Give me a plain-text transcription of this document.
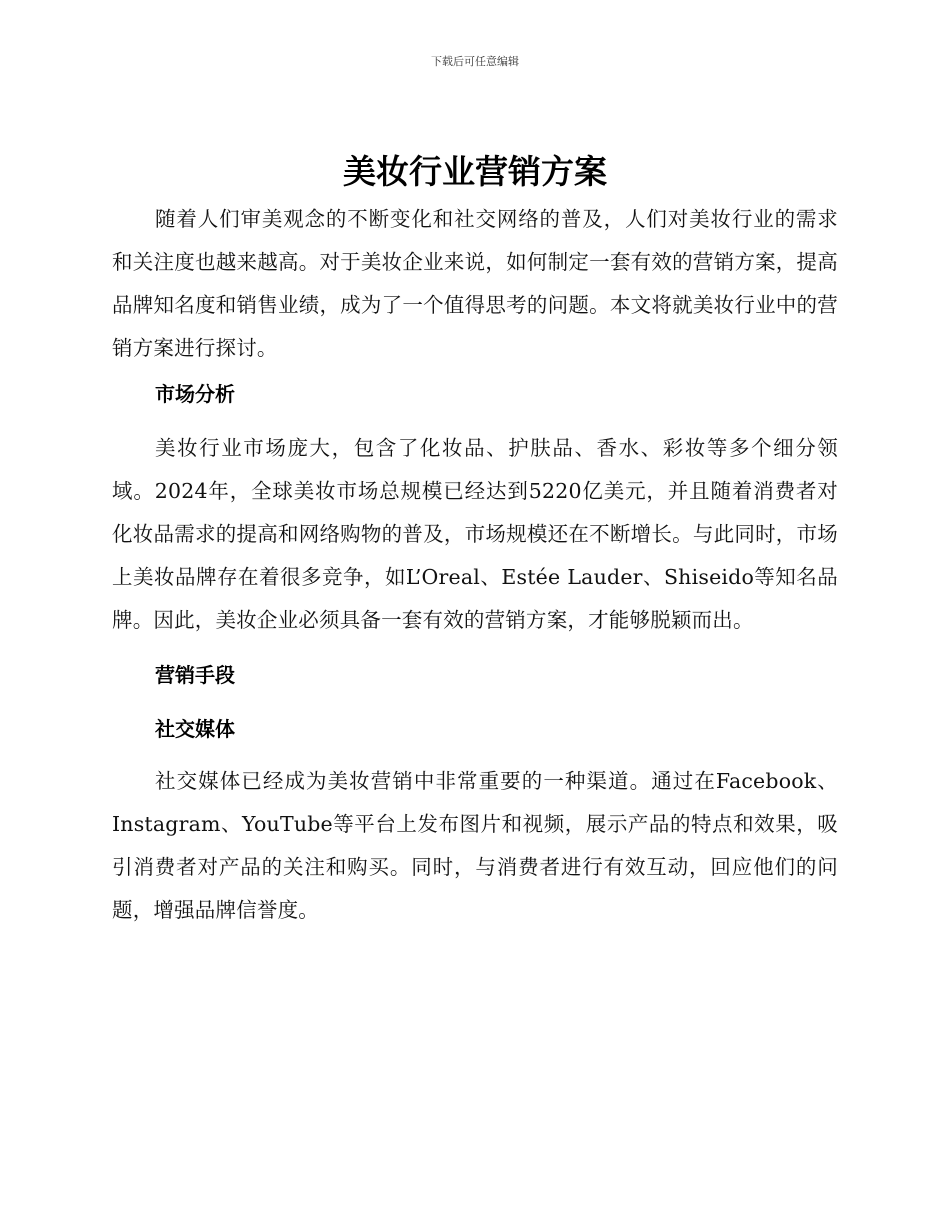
下载后可任意编辑
美妆行业营销方案

随着人们审美观念的不断变化和社交网络的普及，人们对美妆行业的需求和关注度也越来越高。对于美妆企业来说，如何制定一套有效的营销方案，提高品牌知名度和销售业绩，成为了一个值得思考的问题。本文将就美妆行业中的营销方案进行探讨。

市场分析

美妆行业市场庞大，包含了化妆品、护肤品、香水、彩妆等多个细分领域。2024年，全球美妆市场总规模已经达到5220亿美元，并且随着消费者对化妆品需求的提高和网络购物的普及，市场规模还在不断增长。与此同时，市场上美妆品牌存在着很多竞争，如L’Oreal、Estée Lauder、Shiseido等知名品牌。因此，美妆企业必须具备一套有效的营销方案，才能够脱颖而出。

营销手段
社交媒体

社交媒体已经成为美妆营销中非常重要的一种渠道。通过在Facebook、Instagram、YouTube等平台上发布图片和视频，展示产品的特点和效果，吸引消费者对产品的关注和购买。同时，与消费者进行有效互动，回应他们的问题，增强品牌信誉度。
